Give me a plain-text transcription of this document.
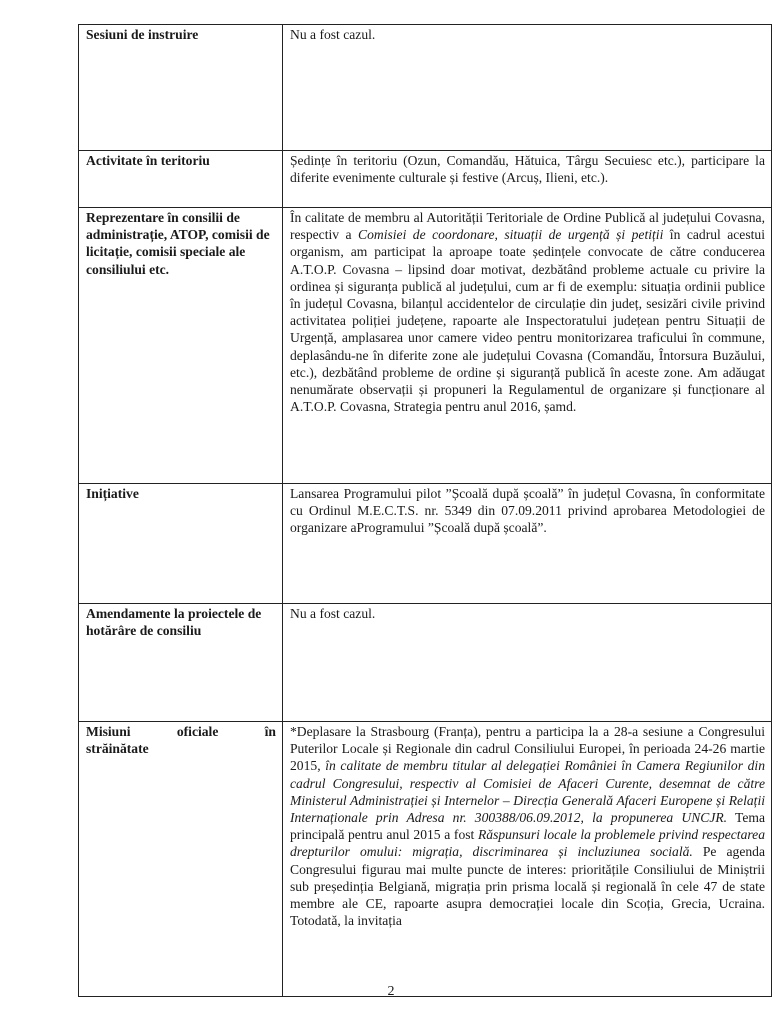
Sesiuni de instruire	Nu a fost cazul.
Activitate în teritoriu	Ședințe în teritoriu (Ozun, Comandău, Hătuica, Târgu Secuiesc etc.), participare la diferite evenimente culturale și festive (Arcuș, Ilieni, etc.).
Reprezentare în consilii de administrație, ATOP, comisii de licitație, comisii speciale ale consiliului etc.	În calitate de membru al Autorității Teritoriale de Ordine Publică al județului Covasna, respectiv a Comisiei de coordonare, situații de urgență și petiții în cadrul acestui organism, am participat la aproape toate ședințele convocate de către conducerea A.T.O.P. Covasna – lipsind doar motivat, dezbătând probleme actuale cu privire la ordinea și siguranța publică al județului, cum ar fi de exemplu: situația ordinii publice în județul Covasna, bilanțul accidentelor de circulație din județ, sesizări civile privind activitatea poliției județene, rapoarte ale Inspectoratului județean pentru Situații de Urgență, amplasarea unor camere video pentru monitorizarea traficului în commune, deplasându-ne în diferite zone ale județului Covasna (Comandău, Întorsura Buzăului, etc.), dezbătând probleme de ordine și siguranță publică în aceste zone. Am adăugat nenumărate observații și propuneri la Regulamentul de organizare și funcționare al A.T.O.P. Covasna, Strategia pentru anul 2016, șamd.
Inițiative	Lansarea Programului pilot ”Școală după școală” în județul Covasna, în conformitate cu Ordinul M.E.C.T.S. nr. 5349 din 07.09.2011 privind aprobarea Metodologiei de organizare aProgramului ”Școală după școală”.
Amendamente la proiectele de hotărâre de consiliu	Nu a fost cazul.

Misiuni oficiale în
străinătate	*Deplasare la Strasbourg (Franța), pentru a participa la a 28-a sesiune a Congresului Puterilor Locale și Regionale din cadrul Consiliului Europei, în perioada 24-26 martie 2015, în calitate de membru titular al delegației României în Camera Regiunilor din cadrul Congresului, respectiv al Comisiei de Afaceri Curente, desemnat de către Ministerul Administrației și Internelor – Direcția Generală Afaceri Europene și Relații Internaționale prin Adresa nr. 300388/06.09.2012, la propunerea UNCJR. Tema principală pentru anul 2015 a fost Răspunsuri locale la problemele privind respectarea drepturilor omului: migrația, discriminarea și incluziunea socială. Pe agenda Congresului figurau mai multe puncte de interes: prioritățile Consiliului de Miniștrii sub președinția Belgiană, migrația prin prisma locală și regională în cele 47 de state membre ale CE, rapoarte asupra democrației locale din Scoția, Grecia, Ucraina. Totodată, la invitația
2
